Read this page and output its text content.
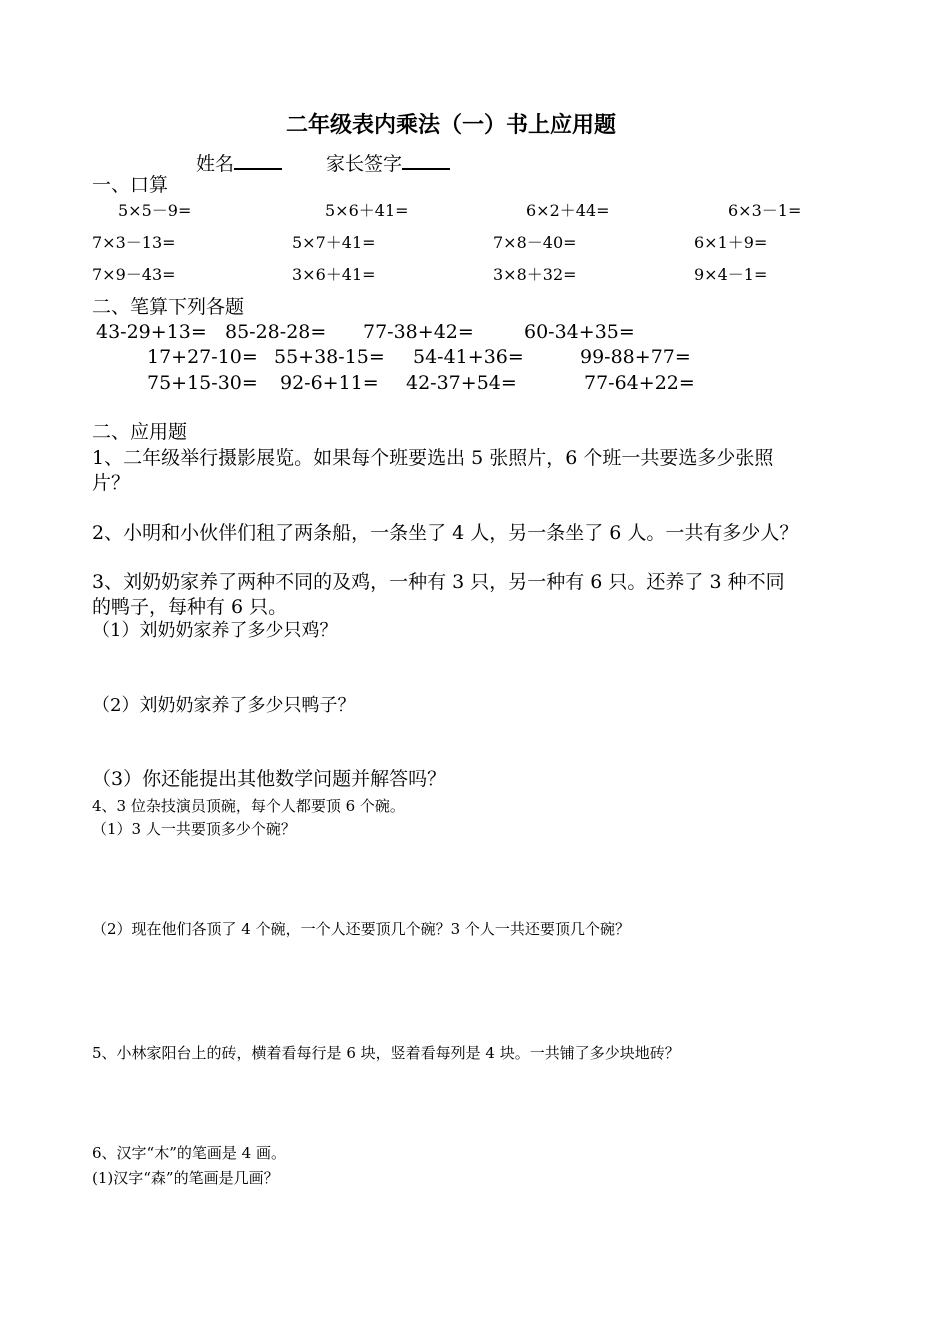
二年级表内乘法（一）书上应用题
姓名	家长签字
一、口算
5×5－9=	5×6＋41=	6×2＋44=	6×3－1=
7×3－13=	5×7＋41=	7×8－40=	6×1＋9=
7×9－43=	3×6＋41=	3×8＋32=	9×4－1=
二、笔算下列各题
43-29+13= 85-28-28= 77-38+42=	60-34+35=
17+27-10= 55+38-15= 54-41+36=	99-88+77=
75+15-30= 92-6+11= 42-37+54=	77-64+22=
二、应用题
1、二年级举行摄影展览。如果每个班要选出 5 张照片，6 个班一共要选多少张照
片？
2、小明和小伙伴们租了两条船，一条坐了 4 人，另一条坐了 6 人。一共有多少人？
3、刘奶奶家养了两种不同的及鸡，一种有 3 只，另一种有 6 只。还养了 3 种不同
的鸭子，每种有 6 只。
（1）刘奶奶家养了多少只鸡？
（2）刘奶奶家养了多少只鸭子？
（3）你还能提出其他数学问题并解答吗？
4、3 位杂技演员顶碗，每个人都要顶 6 个碗。
（1）3 人一共要顶多少个碗？
（2）现在他们各顶了 4 个碗，一个人还要顶几个碗？3 个人一共还要顶几个碗？
5、小林家阳台上的砖，横着看每行是 6 块，竖着看每列是 4 块。一共铺了多少块地砖？
6、汉字“木”的笔画是 4 画。
(1)汉字“森”的笔画是几画？
